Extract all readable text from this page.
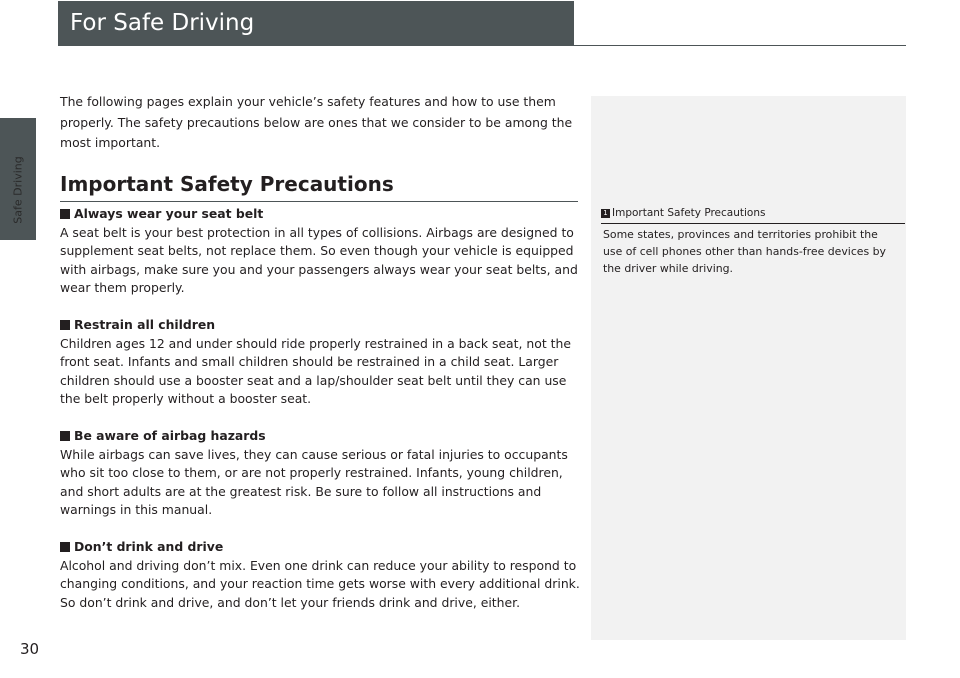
Safe Driving
For Safe Driving

The following pages explain your vehicle’s safety features and how to use them properly. The safety precautions below are ones that we consider to be among the most important.

Important Safety Precautions
Always wear your seat belt

A seat belt is your best protection in all types of collisions. Airbags are designed to supplement seat belts, not replace them. So even though your vehicle is equipped with airbags, make sure you and your passengers always wear your seat belts, and wear them properly.

Restrain all children

Children ages 12 and under should ride properly restrained in a back seat, not the front seat. Infants and small children should be restrained in a child seat. Larger children should use a booster seat and a lap/shoulder seat belt until they can use the belt properly without a booster seat.

Be aware of airbag hazards

While airbags can save lives, they can cause serious or fatal injuries to occupants who sit too close to them, or are not properly restrained. Infants, young children, and short adults are at the greatest risk. Be sure to follow all instructions and warnings in this manual.

Don’t drink and drive

Alcohol and driving don’t mix. Even one drink can reduce your ability to respond to changing conditions, and your reaction time gets worse with every additional drink. So don’t drink and drive, and don’t let your friends drink and drive, either.

1 Important Safety Precautions

Some states, provinces and territories prohibit the use of cell phones other than hands-free devices by the driver while driving.

30
